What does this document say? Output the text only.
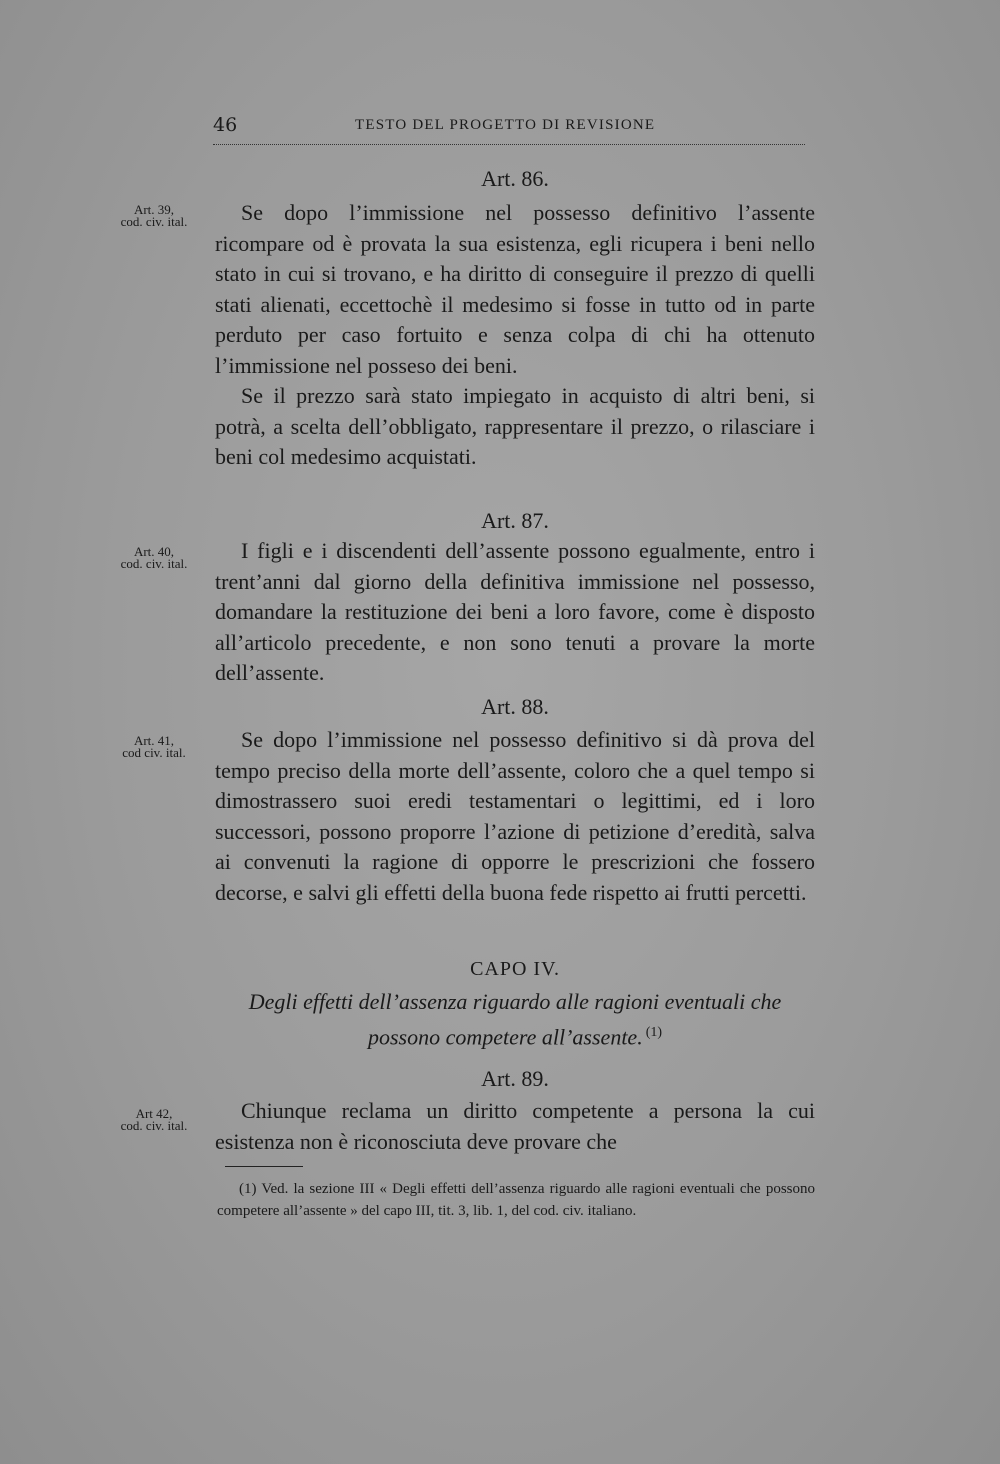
46	TESTO DEL PROGETTO DI REVISIONE
Art. 39,
cod. civ. ital.
Art. 40,
cod. civ. ital.
Art. 41,
cod civ. ital.
Art 42,
cod. civ. ital.
Art. 86.

Se dopo l’immissione nel possesso definitivo l’assente ricompare od è provata la sua esistenza, egli ricupera i beni nello stato in cui si trovano, e ha diritto di conseguire il prezzo di quelli stati alienati, eccettochè il medesimo si fosse in tutto od in parte perduto per caso fortuito e senza colpa di chi ha ottenuto l’immissione nel posseso dei beni.

Se il prezzo sarà stato impiegato in acquisto di altri beni, si potrà, a scelta dell’obbligato, rappresentare il prezzo, o rilasciare i beni col medesimo acquistati.

Art. 87.

I figli e i discendenti dell’assente possono egualmente, entro i trent’anni dal giorno della definitiva immissione nel possesso, domandare la restituzione dei beni a loro favore, come è disposto all’articolo precedente, e non sono tenuti a provare la morte dell’assente.

Art. 88.

Se dopo l’immissione nel possesso definitivo si dà prova del tempo preciso della morte dell’assente, coloro che a quel tempo si dimostrassero suoi eredi testamentari o legittimi, ed i loro successori, possono proporre l’azione di petizione d’eredità, salva ai convenuti la ragione di opporre le prescrizioni che fossero decorse, e salvi gli effetti della buona fede rispetto ai frutti percetti.

CAPO IV.
Degli effetti dell’assenza riguardo alle ragioni eventuali che possono competere all’assente. $^{(1)}$
Art. 89.

Chiunque reclama un diritto competente a persona la cui esistenza non è riconosciuta deve provare che

(1) Ved. la sezione III « Degli effetti dell’assenza riguardo alle ragioni eventuali che possono competere all’assente » del capo III, tit. 3, lib. 1, del cod. civ. italiano.
